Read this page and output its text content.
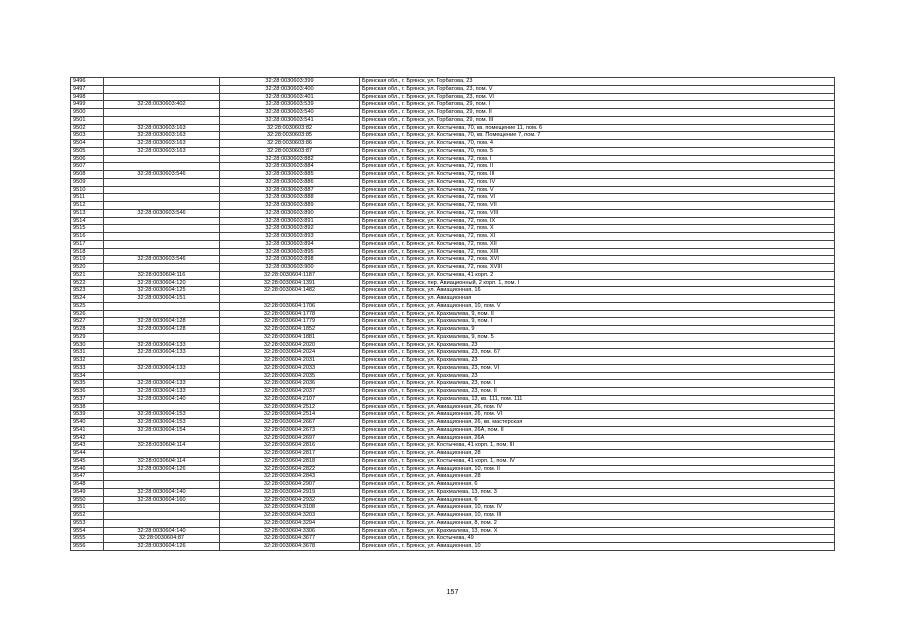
9496		32:28:0030603:399	Брянская обл., г. Брянск, ул. Горбатова, 23
9497		32:28:0030603:400	Брянская обл., г. Брянск, ул. Горбатова, 23, пом. V
9498		32:28:0030603:401	Брянская обл., г. Брянск, ул. Горбатова, 23, пом. VI
9499	32:28:0030603:402	32:28:0030603:539	Брянская обл., г. Брянск, ул. Горбатова, 29, пом. I
9500		32:28:0030603:540	Брянская обл., г. Брянск, ул. Горбатова, 29, пом. II
9501		32:28:0030603:541	Брянская обл., г. Брянск, ул. Горбатова, 29, пом. III
9502	32:28:0030603:163	32:28:0030603:82	Брянская обл., г. Брянск, ул. Костычева, 70, кв. помещение 11, пом. 6
9503	32:28:0030603:163	32:28:0030603:85	Брянская обл., г. Брянск, ул. Костычева, 70, кв. Помещение 7, пом. 7
9504	32:28:0030603:163	32:28:0030603:86	Брянская обл., г. Брянск, ул. Костычева, 70, пом. 4
9505	32:28:0030603:163	32:28:0030603:87	Брянская обл., г. Брянск, ул. Костычева, 70, пом. 5
9506		32:28:0030603:882	Брянская обл., г. Брянск, ул. Костычева, 72, пом. I
9507		32:28:0030603:884	Брянская обл., г. Брянск, ул. Костычева, 72, пом. II
9508	32:28:0030603:546	32:28:0030603:885	Брянская обл., г. Брянск, ул. Костычева, 72, пом. III
9509		32:28:0030603:886	Брянская обл., г. Брянск, ул. Костычева, 72, пом. IV
9510		32:28:0030603:887	Брянская обл., г. Брянск, ул. Костычева, 72, пом. V
9511		32:28:0030603:888	Брянская обл., г. Брянск, ул. Костычева, 72, пом. VI
9512		32:28:0030603:889	Брянская обл., г. Брянск, ул. Костычева, 72, пом. VII
9513	32:28:0030603:546	32:28:0030603:890	Брянская обл., г. Брянск, ул. Костычева, 72, пом. VIII
9514		32:28:0030603:891	Брянская обл., г. Брянск, ул. Костычева, 72, пом. IX
9515		32:28:0030603:892	Брянская обл., г. Брянск, ул. Костычева, 72, пом. X
9516		32:28:0030603:893	Брянская обл., г. Брянск, ул. Костычева, 72, пом. XI
9517		32:28:0030603:894	Брянская обл., г. Брянск, ул. Костычева, 72, пом. XII
9518		32:28:0030603:895	Брянская обл., г. Брянск, ул. Костычева, 72, пом. XIII
9519	32:28:0030603:546	32:28:0030603:898	Брянская обл., г. Брянск, ул. Костычева, 72, пом. XVI
9520		32:28:0030603:900	Брянская обл., г. Брянск, ул. Костычева, 72, пом. XVIII
9521	32:28:0030604:116	32:28:0030604:1187	Брянская обл., г. Брянск, ул. Костычева, 41 корп. 2
9522	32:28:0030604:120	32:28:0030604:1391	Брянская обл., г. Брянск, пер. Авиационный, 2 корп. 1, пом. I
9523	32:28:0030604:125	32:28:0030604:1482	Брянская обл., г. Брянск, ул. Авиационная, 16
9524	32:28:0030604:151		Брянская обл., г. Брянск, ул. Авиационная
9525		32:28:0030604:1706	Брянская обл., г. Брянск, ул. Авиационная, 10, пом. V
9526		32:28:0030604:1778	Брянская обл., г. Брянск, ул. Крахмалева, 9, пом. II
9527	32:28:0030604:128	32:28:0030604:1779	Брянская обл., г. Брянск, ул. Крахмалева, 9, пом. I
9528	32:28:0030604:128	32:28:0030604:1852	Брянская обл., г. Брянск, ул. Крахмалева, 9
9529		32:28:0030604:1881	Брянская обл., г. Брянск, ул. Крахмалева, 9, пом. 5
9530	32:28:0030604:133	32:28:0030604:2020	Брянская обл., г. Брянск, ул. Крахмалева, 23
9531	32:28:0030604:133	32:28:0030604:2024	Брянская обл., г. Брянск, ул. Крахмалева, 23, пом. 67
9532		32:28:0030604:2031	Брянская обл., г. Брянск, ул. Крахмалева, 23
9533	32:28:0030604:133	32:28:0030604:2033	Брянская обл., г. Брянск, ул. Крахмалева, 23, пом. VI
9534		32:28:0030604:2035	Брянская обл., г. Брянск, ул. Крахмалева, 23
9535	32:28:0030604:133	32:28:0030604:2036	Брянская обл., г. Брянск, ул. Крахмалева, 23, пом. I
9536	32:28:0030604:133	32:28:0030604:2037	Брянская обл., г. Брянск, ул. Крахмалева, 23, пом. II
9537	32:28:0030604:140	32:28:0030604:2107	Брянская обл., г. Брянск, ул. Крахмалева, 13, кв. 111, пом. 111
9538		32:28:0030604:2512	Брянская обл., г. Брянск, ул. Авиационная, 26, пом. IV
9539	32:28:0030604:153	32:28:0030604:2514	Брянская обл., г. Брянск, ул. Авиационная, 26, пом. VI
9540	32:28:0030604:153	32:28:0030604:2667	Брянская обл., г. Брянск, ул. Авиационная, 26, кв. мастерская
9541	32:28:0030604:154	32:28:0030604:2673	Брянская обл., г. Брянск, ул. Авиационная, 26А, пом. II
9542		32:28:0030604:2697	Брянская обл., г. Брянск, ул. Авиационная, 26А
9543	32:28:0030604:114	32:28:0030604:2816	Брянская обл., г. Брянск, ул. Костычева, 41 корп. 1, пом. III
9544		32:28:0030604:2817	Брянская обл., г. Брянск, ул. Авиационная, 28
9545	32:28:0030604:114	32:28:0030604:2818	Брянская обл., г. Брянск, ул. Костычева, 41 корп. 1, пом. IV
9546	32:28:0030604:126	32:28:0030604:2822	Брянская обл., г. Брянск, ул. Авиационная, 10, пом. II
9547		32:28:0030604:2843	Брянская обл., г. Брянск, ул. Авиационная, 28
9548		32:28:0030604:2907	Брянская обл., г. Брянск, ул. Авиационная, 6
9549	32:28:0030604:140	32:28:0030604:2919	Брянская обл., г. Брянск, ул. Крахмалева, 13, пом. 3
9550	32:28:0030604:160	32:28:0030604:2932	Брянская обл., г. Брянск, ул. Авиационная, 6
9551		32:28:0030604:3108	Брянская обл., г. Брянск, ул. Авиационная, 10, пом. IV
9552		32:28:0030604:3203	Брянская обл., г. Брянск, ул. Авиационная, 10, пом. III
9553		32:28:0030604:3294	Брянская обл., г. Брянск, ул. Авиационная, 8, пом. 2
9554	32:28:0030604:140	32:28:0030604:3306	Брянская обл., г. Брянск, ул. Крахмалева, 13, пом. X
9555	32:28:0030604:87	32:28:0030604:3677	Брянская обл., г. Брянск, ул. Костычева, 49
9556	32:28:0030604:126	32:28:0030604:3678	Брянская обл., г. Брянск, ул. Авиационная, 10
157
